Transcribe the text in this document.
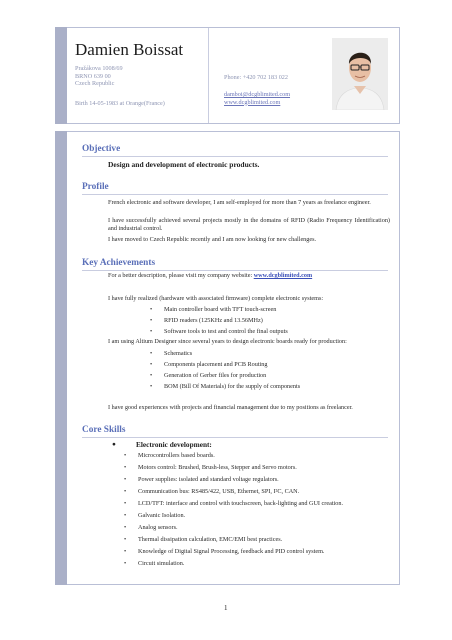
Damien Boissat
Pražákova 1008/69
BRNO 639 00
Czech Republic
Birth 14-05-1983 at Orange(France)
Phone: +420 702 183 022
damboi@dcgblimited.com
www.dcgblimited.com
Objective
Design and development of electronic products.
Profile
French electronic and software developer, I am self-employed for more than 7 years as freelance engineer.
I have successfully achieved several projects mostly in the domains of RFID (Radio Frequency Identification) and industrial control.
I have moved to Czech Republic recently and I am now looking for new challenges.
Key Achievements
For a better description, please visit my company website: www.dcgblimited.com
I have fully realized (hardware with associated firmware) complete electronic systems:
• Main controller board with TFT touch-screen
• RFID readers (125KHz and 13.56MHz)
• Software tools to test and control the final outputs
I am using Altium Designer since several years to design electronic boards ready for production:
• Schematics
• Components placement and PCB Routing
• Generation of Gerber files for production
• BOM (Bill Of Materials) for the supply of components
I have good experiences with projects and financial management due to my positions as freelancer.
Core Skills
●	Electronic development:
• Microcontrollers based boards.
• Motors control: Brushed, Brush-less, Stepper and Servo motors.
• Power supplies: isolated and standard voltage regulators.
• Communication bus: RS485/422, USB, Ethernet, SPI, I²C, CAN.
• LCD/TFT: interface and control with touchscreen, back-lighting and GUI creation.
• Galvanic Isolation.
• Analog sensors.
• Thermal dissipation calculation, EMC/EMI best practices.
• Knowledge of Digital Signal Processing, feedback and PID control system.
• Circuit simulation.
1
